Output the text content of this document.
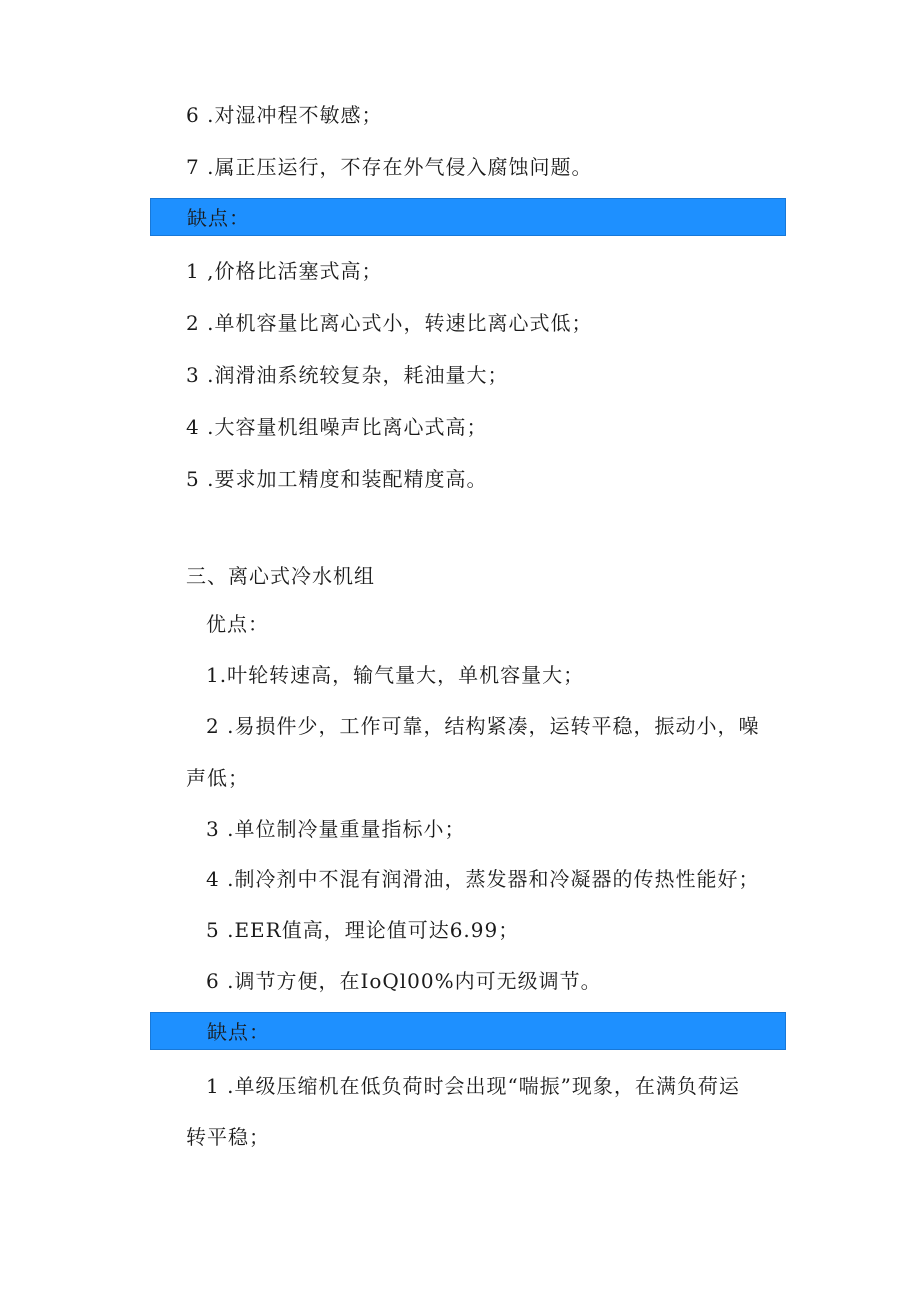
6 .对湿冲程不敏感；
7 .属正压运行，不存在外气侵入腐蚀问题。
缺点：
1 ,价格比活塞式高；
2 .单机容量比离心式小，转速比离心式低；
3 .润滑油系统较复杂，耗油量大；
4 .大容量机组噪声比离心式高；
5 .要求加工精度和装配精度高。
三、离心式冷水机组
优点：
1.叶轮转速高，输气量大，单机容量大；
2 .易损件少，工作可靠，结构紧凑，运转平稳，振动小，噪
声低；
3 .单位制冷量重量指标小；
4 .制冷剂中不混有润滑油，蒸发器和冷凝器的传热性能好；
5 .EER值高，理论值可达6.99；
6 .调节方便，在IoQl00%内可无级调节。
缺点：
1 .单级压缩机在低负荷时会出现“喘振”现象，在满负荷运
转平稳；
